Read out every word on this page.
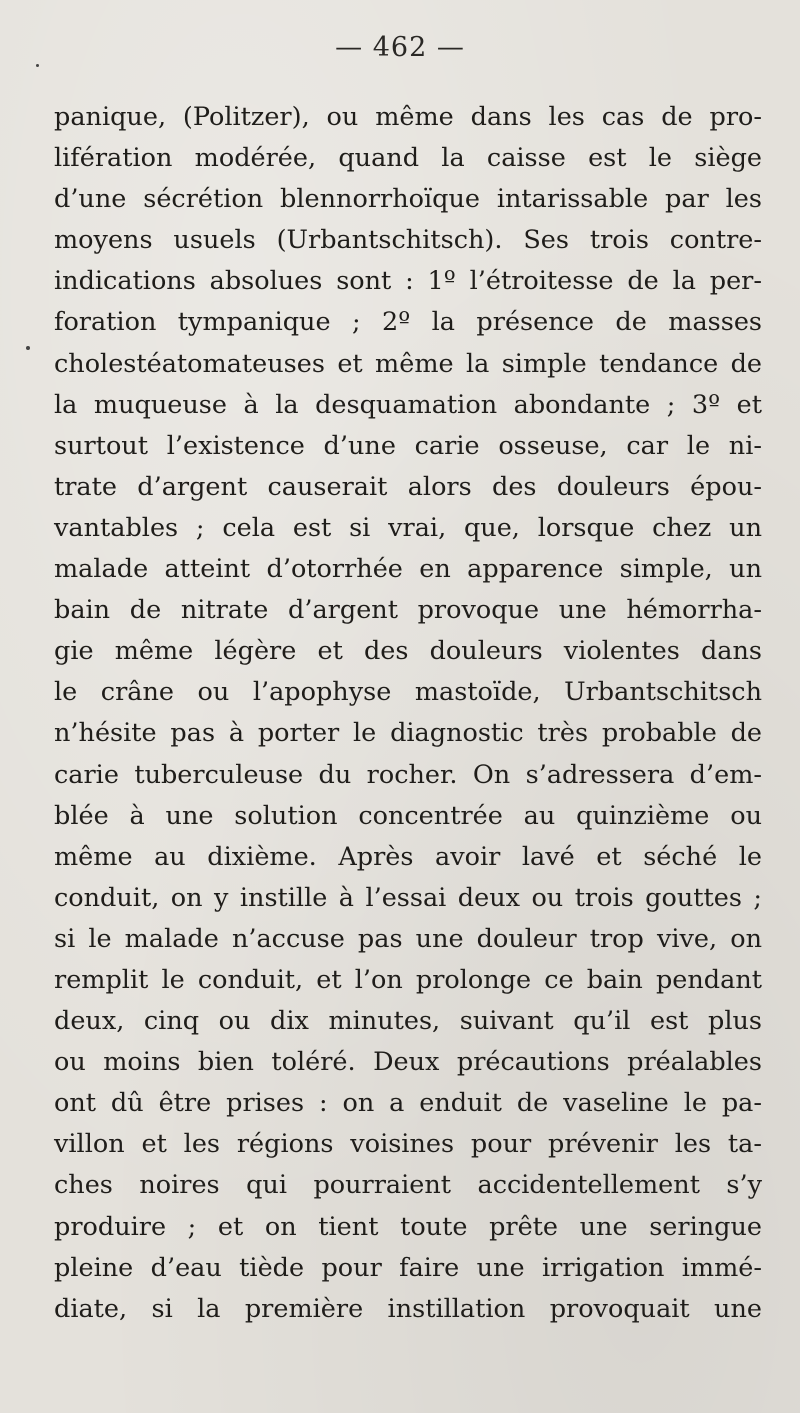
— 462 —
panique, (Politzer), ou même dans les cas de pro-
lifération modérée, quand la caisse est le siège
d’une sécrétion blennorrhoïque intarissable par les
moyens usuels (Urbantschitsch). Ses trois contre-
indications absolues sont : 1º l’étroitesse de la per-
foration tympanique ; 2º la présence de masses
cholestéatomateuses et même la simple tendance de
la muqueuse à la desquamation abondante ; 3º et
surtout l’existence d’une carie osseuse, car le ni-
trate d’argent causerait alors des douleurs épou-
vantables ; cela est si vrai, que, lorsque chez un
malade atteint d’otorrhée en apparence simple, un
bain de nitrate d’argent provoque une hémorrha-
gie même légère et des douleurs violentes dans
le crâne ou l’apophyse mastoïde, Urbantschitsch
n’hésite pas à porter le diagnostic très probable de
carie tuberculeuse du rocher. On s’adressera d’em-
blée à une solution concentrée au quinzième ou
même au dixième. Après avoir lavé et séché le
conduit, on y instille à l’essai deux ou trois gouttes ;
si le malade n’accuse pas une douleur trop vive, on
remplit le conduit, et l’on prolonge ce bain pendant
deux, cinq ou dix minutes, suivant qu’il est plus
ou moins bien toléré. Deux précautions préalables
ont dû être prises : on a enduit de vaseline le pa-
villon et les régions voisines pour prévenir les ta-
ches noires qui pourraient accidentellement s’y
produire ; et on tient toute prête une seringue
pleine d’eau tiède pour faire une irrigation immé-
diate, si la première instillation provoquait une
